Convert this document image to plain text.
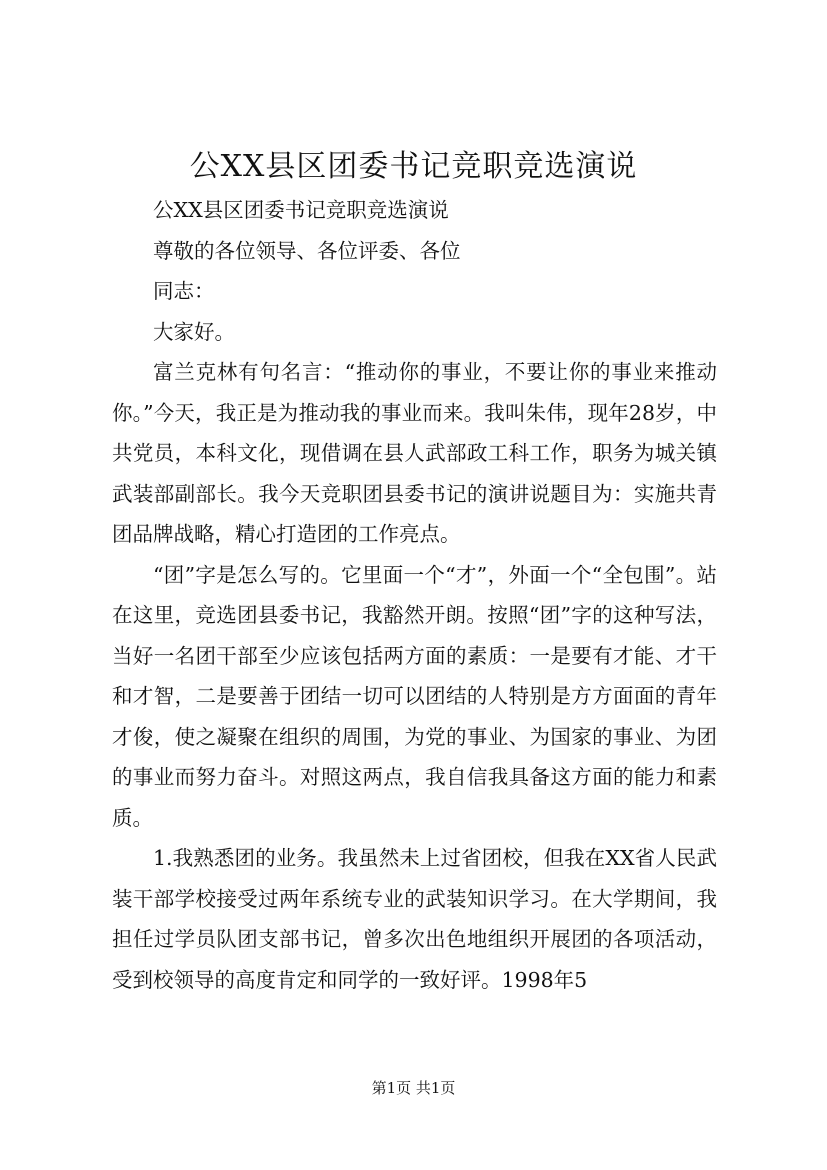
公XX县区团委书记竞职竞选演说

公XX县区团委书记竞职竞选演说

尊敬的各位领导、各位评委、各位

同志：

大家好。

富兰克林有句名言：“推动你的事业，不要让你的事业来推动你。”今天，我正是为推动我的事业而来。我叫朱伟，现年28岁，中共党员，本科文化，现借调在县人武部政工科工作，职务为城关镇武装部副部长。我今天竞职团县委书记的演讲说题目为：实施共青团品牌战略，精心打造团的工作亮点。

“团”字是怎么写的。它里面一个“才”，外面一个“全包围”。站在这里，竞选团县委书记，我豁然开朗。按照“团”字的这种写法，当好一名团干部至少应该包括两方面的素质：一是要有才能、才干和才智，二是要善于团结一切可以团结的人特别是方方面面的青年才俊，使之凝聚在组织的周围，为党的事业、为国家的事业、为团的事业而努力奋斗。对照这两点，我自信我具备这方面的能力和素质。

1.我熟悉团的业务。我虽然未上过省团校，但我在XX省人民武装干部学校接受过两年系统专业的武装知识学习。在大学期间，我担任过学员队团支部书记，曾多次出色地组织开展团的各项活动，受到校领导的高度肯定和同学的一致好评。1998年5

第1页 共1页
